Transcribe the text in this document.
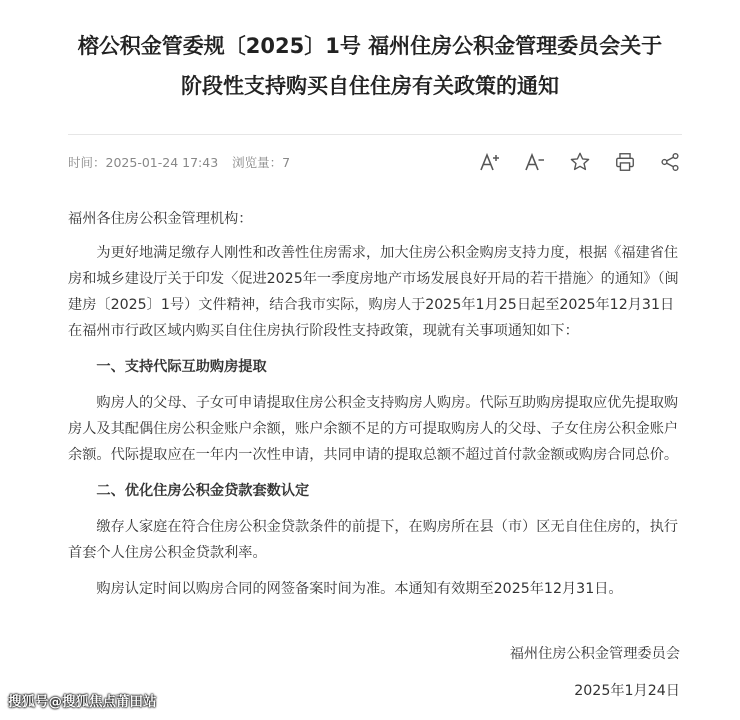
榕公积金管委规〔2025〕1号 福州住房公积金管理委员会关于
阶段性支持购买自住住房有关政策的通知
时间：2025-01-24 17:43 浏览量：7

福州各住房公积金管理机构：

为更好地满足缴存人刚性和改善性住房需求，加大住房公积金购房支持力度，根据《福建省住房和城乡建设厅关于印发〈促进2025年一季度房地产市场发展良好开局的若干措施〉的通知》（闽建房〔2025〕1号）文件精神，结合我市实际，购房人于2025年1月25日起至2025年12月31日在福州市行政区域内购买自住住房执行阶段性支持政策，现就有关事项通知如下：

一、支持代际互助购房提取

购房人的父母、子女可申请提取住房公积金支持购房人购房。代际互助购房提取应优先提取购房人及其配偶住房公积金账户余额，账户余额不足的方可提取购房人的父母、子女住房公积金账户余额。代际提取应在一年内一次性申请，共同申请的提取总额不超过首付款金额或购房合同总价。

二、优化住房公积金贷款套数认定

缴存人家庭在符合住房公积金贷款条件的前提下，在购房所在县（市）区无自住住房的，执行首套个人住房公积金贷款利率。

购房认定时间以购房合同的网签备案时间为准。本通知有效期至2025年12月31日。

福州住房公积金管理委员会
2025年1月24日
搜狐号@搜狐焦点莆田站
